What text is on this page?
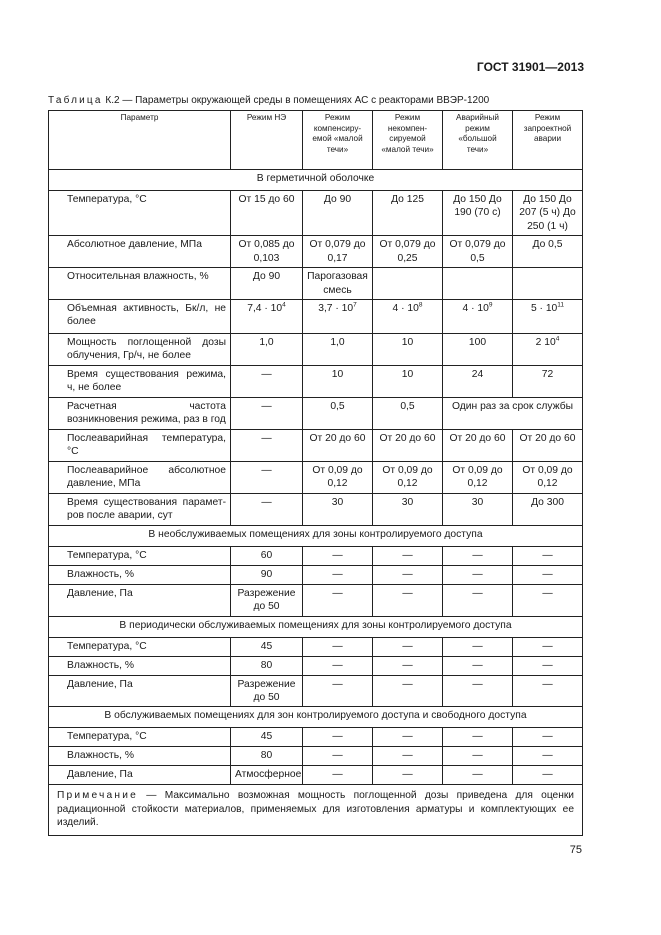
ГОСТ 31901—2013
Таблица К.2 — Параметры окружающей среды в помещениях АС с реакторами ВВЭР-1200
Параметр	Режим НЭ	Режим компенсиру-емой «малой течи»	Режим некомпен-сируемой «малой течи»	Аварийный режим «большой течи»	Режим запроектной аварии
В герметичной оболочке					
Температура, °С	От 15 до 60	До 90	До 125	До 150 До 190 (70 с)	До 150 До 207 (5 ч) До 250 (1 ч)
Абсолютное давление, МПа	От 0,085 до 0,103	От 0,079 до 0,17	От 0,079 до 0,25	От 0,079 до 0,5	До 0,5
Относительная влажность, %	До 90	Парогазовая смесь			
Объемная активность, Бк/л, не более	$7,4 \cdot 10^4$	$3,7 \cdot 10^7$	$4 \cdot 10^8$	$4 \cdot 10^9$	$5 \cdot 10^{11}$
Мощность поглощенной дозы облучения, Гр/ч, не более	1,0	1,0	10	100	2 $10^4$
Время существования режима, ч, не более	—	10	10	24	72
Расчетная частота возникновения режима, раз в год	—	0,5	0,5	Один раз за срок службы	
Послеаварийная температура, °С	—	От 20 до 60	От 20 до 60	От 20 до 60	От 20 до 60
Послеаварийное абсолютное давление, МПа	—	От 0,09 до 0,12	От 0,09 до 0,12	От 0,09 до 0,12	От 0,09 до 0,12
Время существования парамет-ров после аварии, сут	—	30	30	30	До 300
В необслуживаемых помещениях для зоны контролируемого доступа					
Температура, °С	60	—	—	—	—
Влажность, %	90	—	—	—	—
Давление, Па	Разрежение до 50	—	—	—	—
В периодически обслуживаемых помещениях для зоны контролируемого доступа					
Температура, °С	45	—	—	—	—
Влажность, %	80	—	—	—	—
Давление, Па	Разрежение до 50	—	—	—	—
В обслуживаемых помещениях для зон контролируемого доступа и свободного доступа					
Температура, °С	45	—	—	—	—
Влажность, %	80	—	—	—	—
Давление, Па	Атмосферное	—	—	—	—
Примечание — Максимально возможная мощность поглощенной дозы приведена для оценки радиационной стойкости материалов, применяемых для изготовления арматуры и комплектующих ее изделий.					
75
